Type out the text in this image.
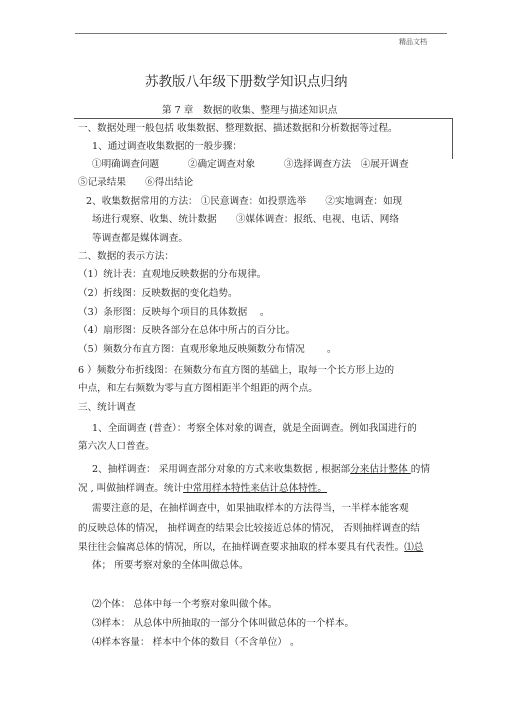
精品文档
苏教版八年级下册数学知识点归纳
第 7 章　数据的收集、整理与描述知识点
一、数据处理一般包括 收集数据、整理数据、描述数据和分析数据等过程。
1、通过调查收集数据的一般步骤：
①明确调查问题　　　②确定调查对象　　　③选择调查方法　④展开调查
⑤记录结果　　⑥得出结论
2、收集数据常用的方法： ①民意调查：如投票选举　　②实地调查：如现
场进行观察、收集、统计数据　　③媒体调查：报纸、电视、电话、网络
等调查都是媒体调查。
二、数据的表示方法：
（1）统计表：直观地反映数据的分布规律。
（2）折线图：反映数据的变化趋势。
（3）条形图：反映每个项目的具体数据　 。
（4）扇形图：反映各部分在总体中所占的百分比。
（5）频数分布直方图：直观形象地反映频数分布情况　　 。
6 ）频数分布折线图：在频数分布直方图的基础上，取每一个长方形上边的
中点，和左右频数为零与直方图相距半个组距的两个点。
三、统计调查
1、全面调查 (普查）：考察全体对象的调查，就是全面调查。例如我国进行的
第六次人口普查。
2、抽样调查： 采用调查部分对象的方式来收集数据 , 根据部分来估计整体 的情
况 , 叫做抽样调查。统计中常用样本特性来估计总体特性。
需要注意的是，在抽样调查中，如果抽取样本的方法得当，一半样本能客观
的反映总体的情况， 抽样调查的结果会比较接近总体的情况， 否则抽样调查的结
果往往会偏离总体的情况，所以，在抽样调查要求抽取的样本要具有代表性。⑴总
体； 所要考察对象的全体叫做总体。
⑵个体： 总体中每一个考察对象叫做个体。
⑶样本： 从总体中所抽取的一部分个体叫做总体的一个样本。
⑷样本容量： 样本中个体的数目（不含单位） 。
